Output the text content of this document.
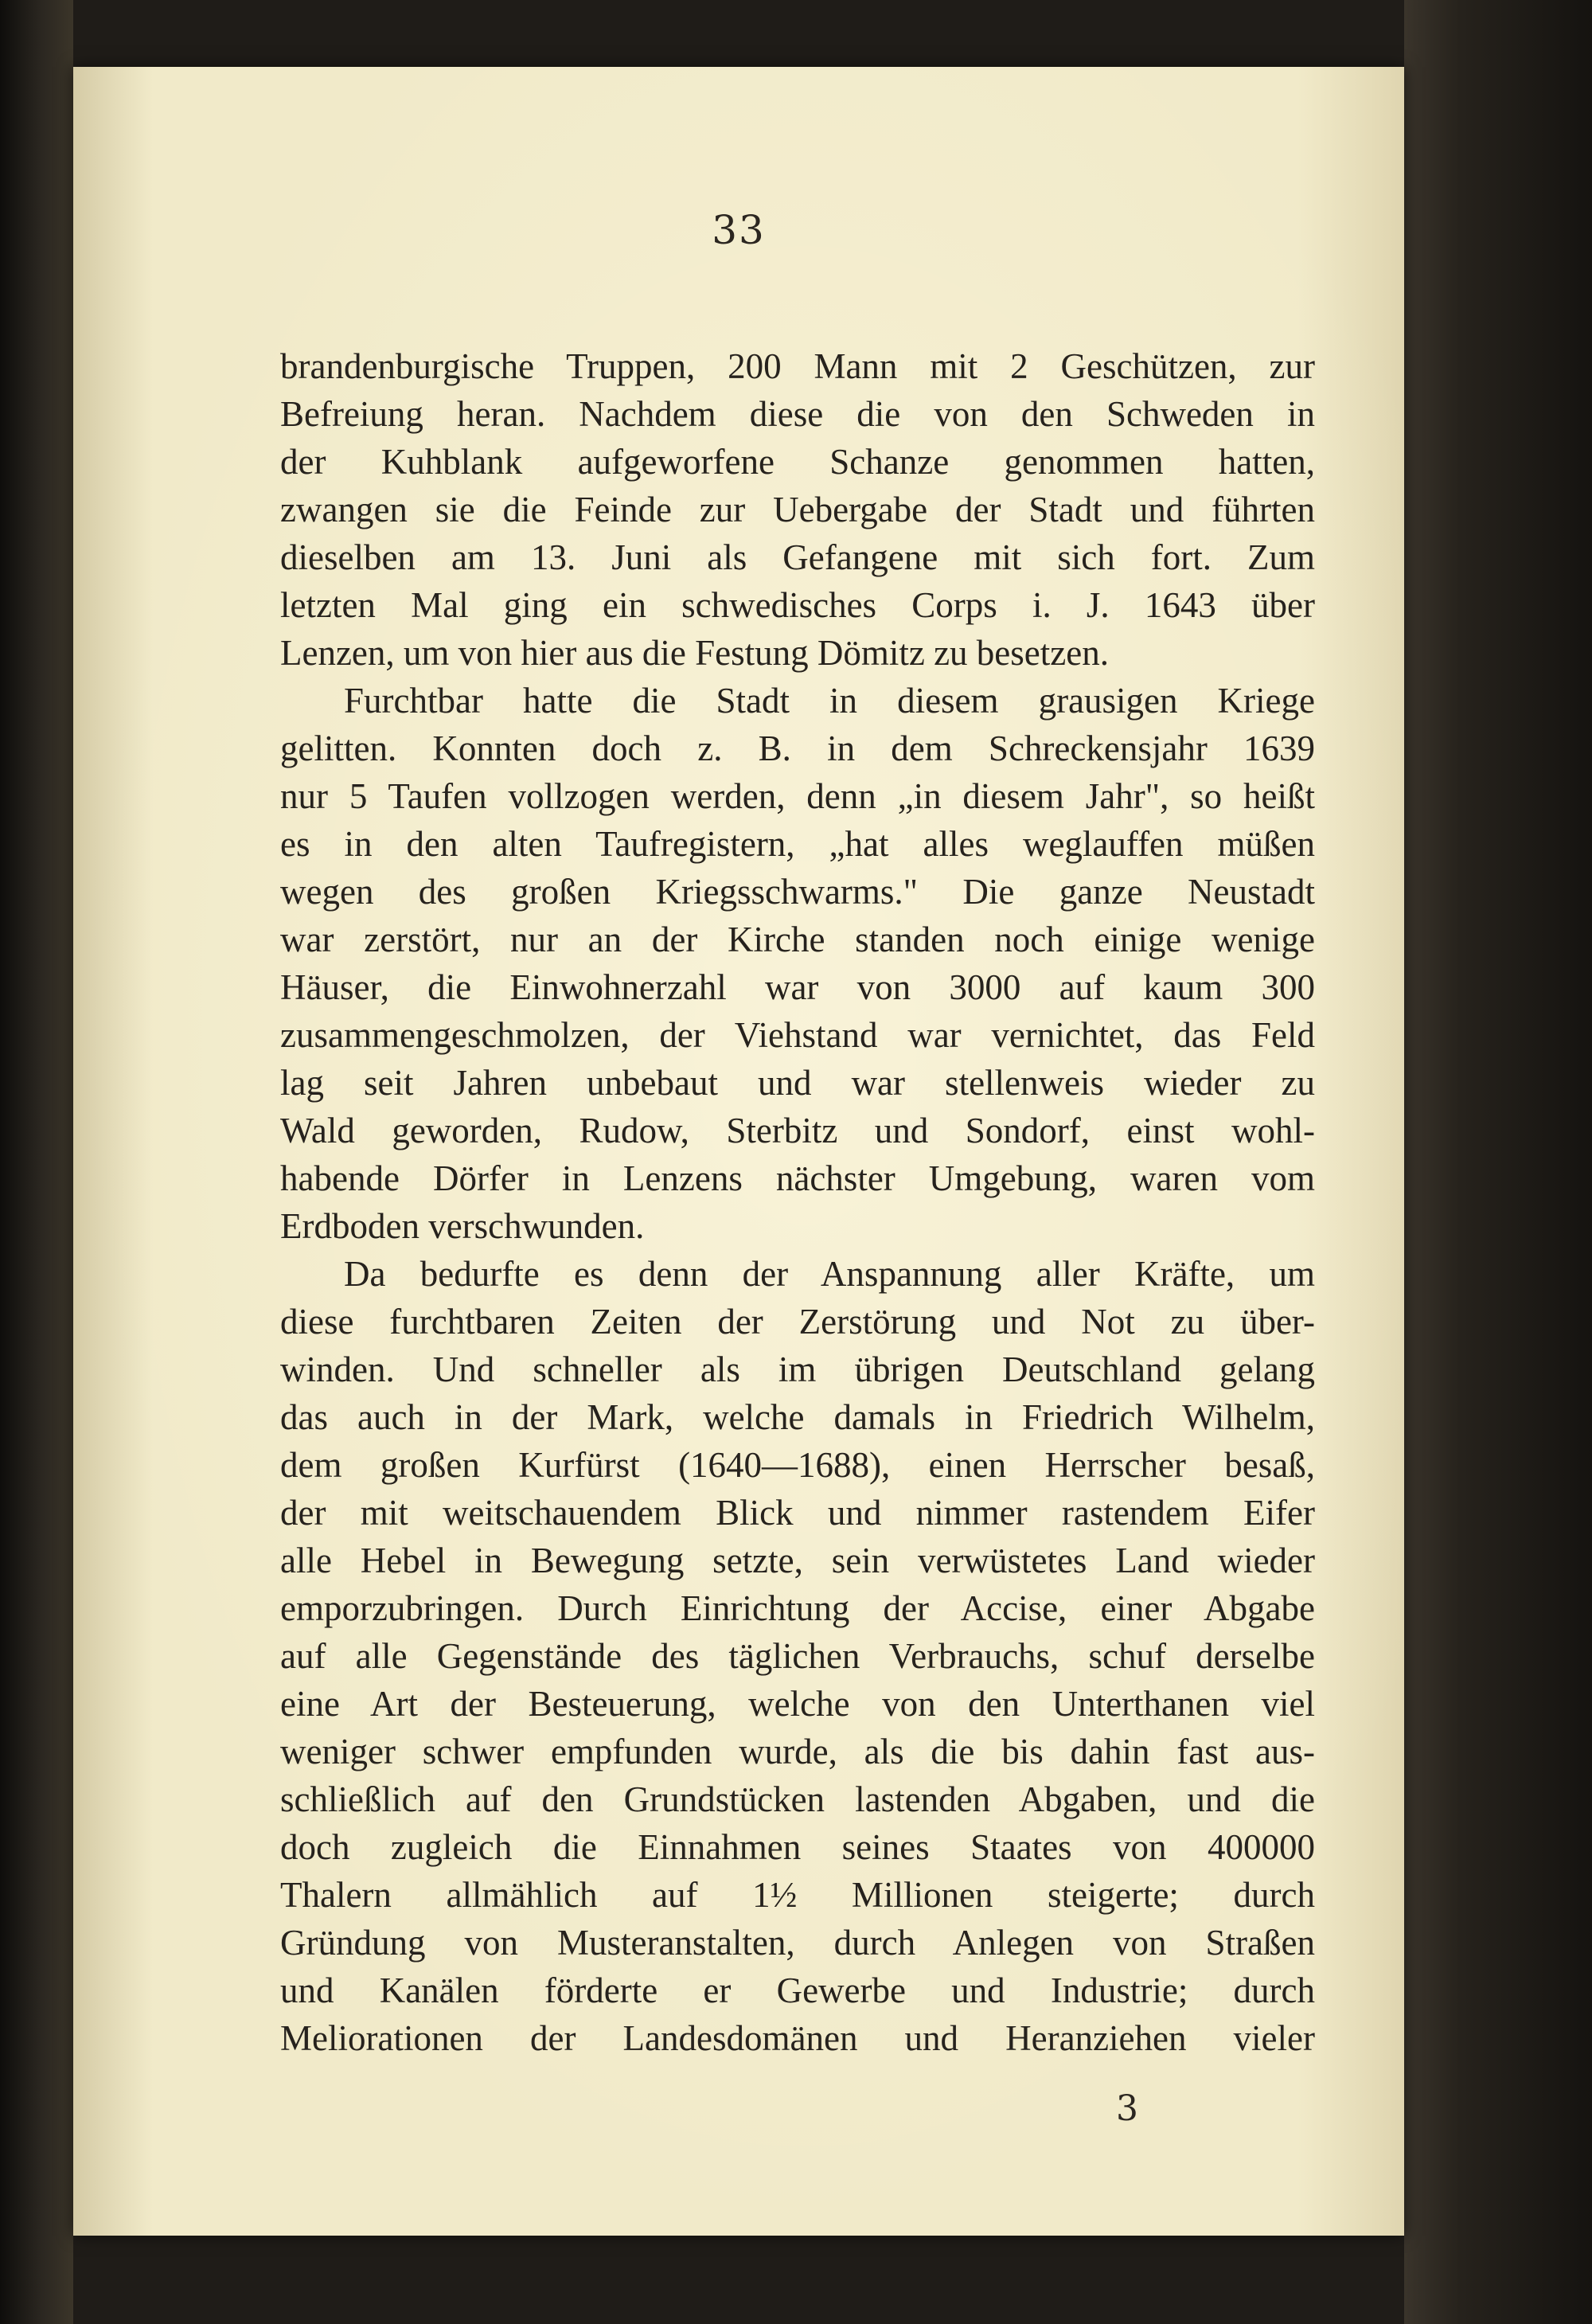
33
brandenburgische Truppen, 200 Mann mit 2 Geschützen, zur
Befreiung heran. Nachdem diese die von den Schweden in
der Kuhblank aufgeworfene Schanze genommen hatten,
zwangen sie die Feinde zur Uebergabe der Stadt und führten
dieselben am 13. Juni als Gefangene mit sich fort. Zum
letzten Mal ging ein schwedisches Corps i. J. 1643 über
Lenzen, um von hier aus die Festung Dömitz zu besetzen.
Furchtbar hatte die Stadt in diesem grausigen Kriege
gelitten. Konnten doch z. B. in dem Schreckensjahr 1639
nur 5 Taufen vollzogen werden, denn „in diesem Jahr", so heißt
es in den alten Taufregistern, „hat alles weglauffen müßen
wegen des großen Kriegsschwarms." Die ganze Neustadt
war zerstört, nur an der Kirche standen noch einige wenige
Häuser, die Einwohnerzahl war von 3000 auf kaum 300
zusammengeschmolzen, der Viehstand war vernichtet, das Feld
lag seit Jahren unbebaut und war stellenweis wieder zu
Wald geworden, Rudow, Sterbitz und Sondorf, einst wohl-
habende Dörfer in Lenzens nächster Umgebung, waren vom
Erdboden verschwunden.
Da bedurfte es denn der Anspannung aller Kräfte, um
diese furchtbaren Zeiten der Zerstörung und Not zu über-
winden. Und schneller als im übrigen Deutschland gelang
das auch in der Mark, welche damals in Friedrich Wilhelm,
dem großen Kurfürst (1640—1688), einen Herrscher besaß,
der mit weitschauendem Blick und nimmer rastendem Eifer
alle Hebel in Bewegung setzte, sein verwüstetes Land wieder
emporzubringen. Durch Einrichtung der Accise, einer Abgabe
auf alle Gegenstände des täglichen Verbrauchs, schuf derselbe
eine Art der Besteuerung, welche von den Unterthanen viel
weniger schwer empfunden wurde, als die bis dahin fast aus-
schließlich auf den Grundstücken lastenden Abgaben, und die
doch zugleich die Einnahmen seines Staates von 400000
Thalern allmählich auf 1½ Millionen steigerte; durch
Gründung von Musteranstalten, durch Anlegen von Straßen
und Kanälen förderte er Gewerbe und Industrie; durch
Meliorationen der Landesdomänen und Heranziehen vieler
3
